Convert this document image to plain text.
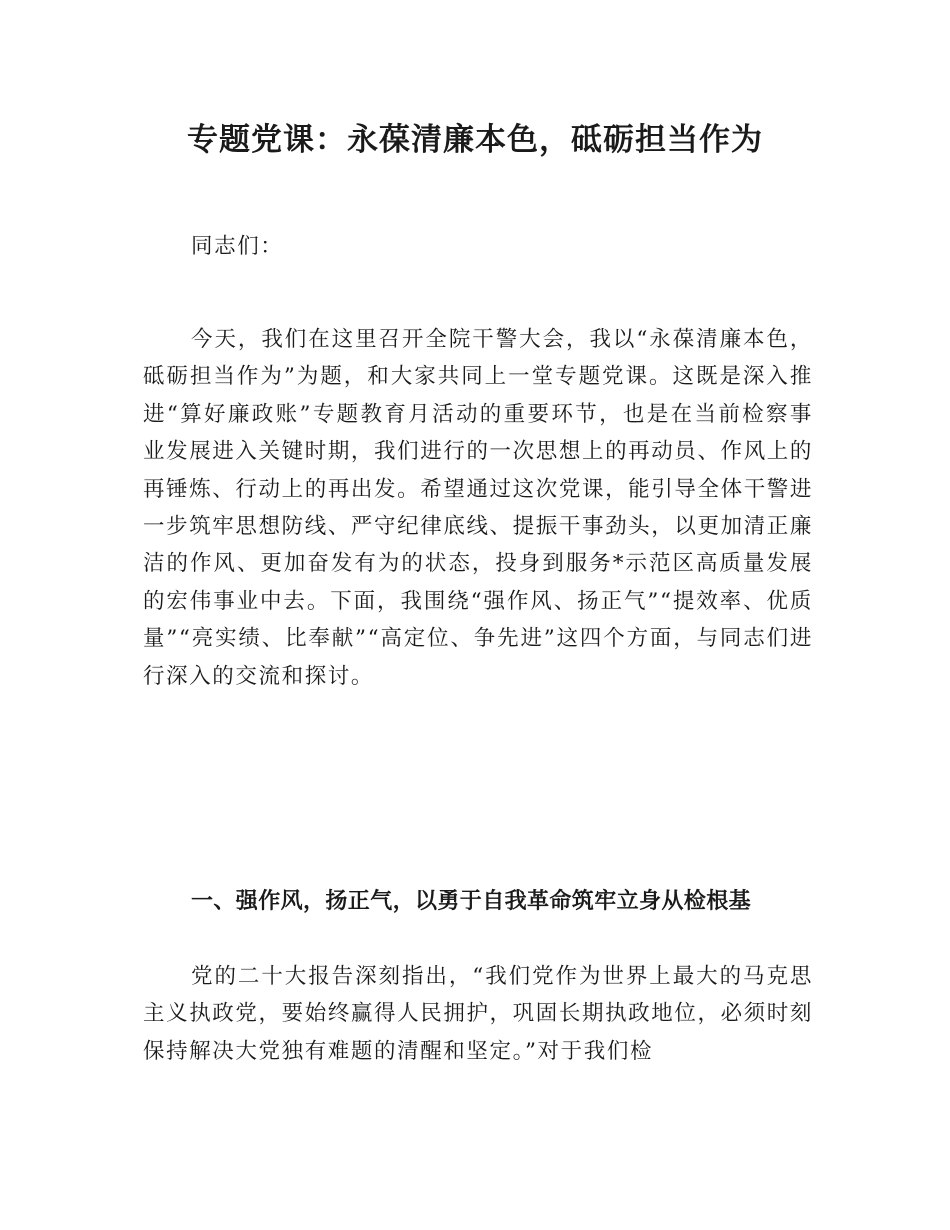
专题党课：永葆清廉本色，砥砺担当作为

同志们：

今天，我们在这里召开全院干警大会，我以“永葆清廉本色，砥砺担当作为”为题，和大家共同上一堂专题党课。这既是深入推进“算好廉政账”专题教育月活动的重要环节，也是在当前检察事业发展进入关键时期，我们进行的一次思想上的再动员、作风上的再锤炼、行动上的再出发。希望通过这次党课，能引导全体干警进一步筑牢思想防线、严守纪律底线、提振干事劲头，以更加清正廉洁的作风、更加奋发有为的状态，投身到服务*示范区高质量发展的宏伟事业中去。下面，我围绕“强作风、扬正气”“提效率、优质量”“亮实绩、比奉献”“高定位、争先进”这四个方面，与同志们进行深入的交流和探讨。

一、强作风，扬正气，以勇于自我革命筑牢立身从检根基

党的二十大报告深刻指出，“我们党作为世界上最大的马克思主义执政党，要始终赢得人民拥护，巩固长期执政地位，必须时刻保持解决大党独有难题的清醒和坚定。”对于我们检
